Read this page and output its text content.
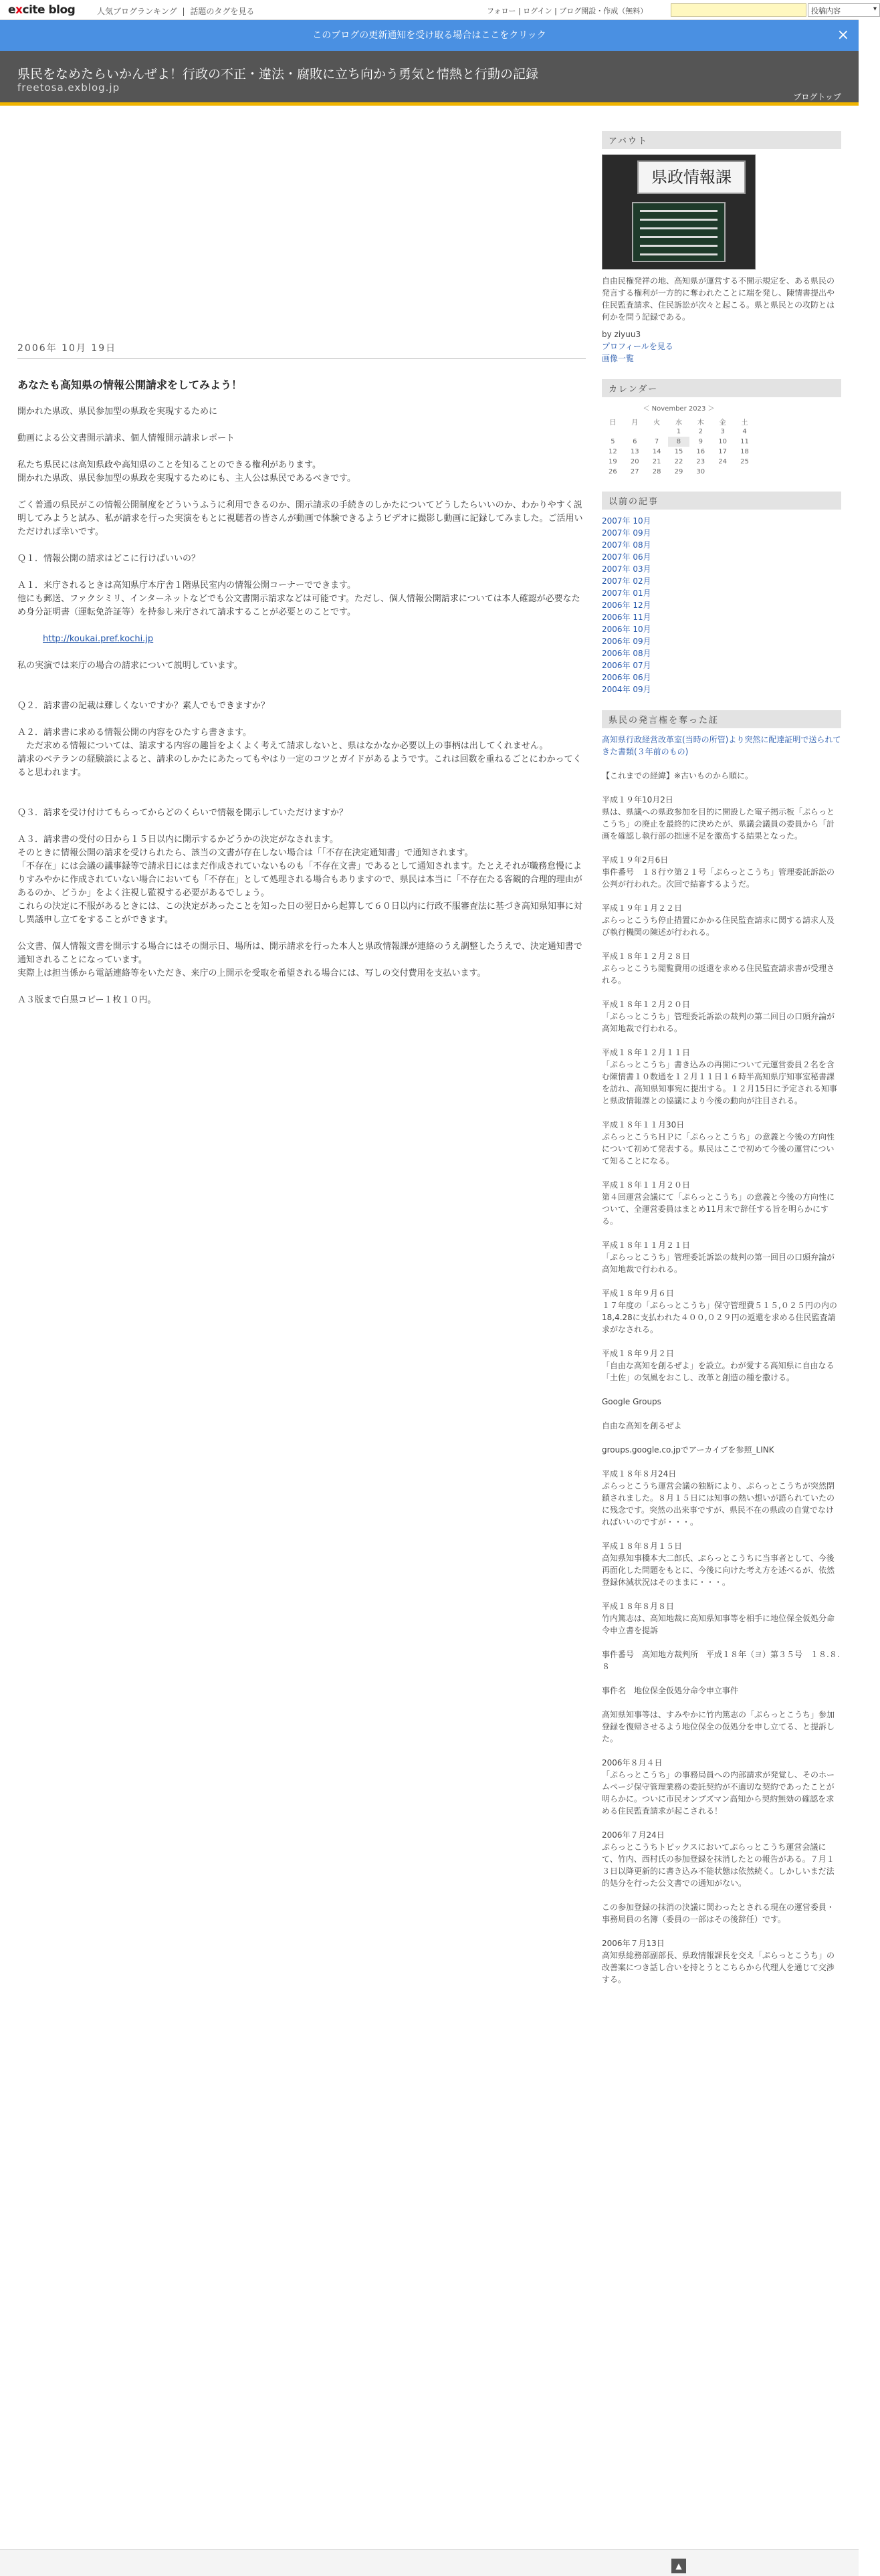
excite blog	人気ブログランキング | 話題のタグを見る	フォロー | ログイン | ブログ開設・作成（無料）	投稿内容	▾
このブログの更新通知を受け取る場合はここをクリック	×
県民をなめたらいかんぜよ！行政の不正・違法・腐敗に立ち向かう勇気と情熱と行動の記録
freetosa.exblog.jp
ブログトップ
2006年 10月 19日
あなたも高知県の情報公開請求をしてみよう！

開かれた県政、県民参加型の県政を実現するために

動画による公文書開示請求、個人情報開示請求レポート

私たち県民には高知県政や高知県のことを知ることのできる権利があります。

開かれた県政、県民参加型の県政を実現するためにも、主人公は県民であるべきです。

ごく普通の県民がこの情報公開制度をどういうふうに利用できるのか、開示請求の手続きのしかたについてどうしたらいいのか、わかりやすく説明してみようと試み、私が請求を行った実演をもとに視聴者の皆さんが動画で体験できるようビデオに撮影し動画に記録してみました。ご活用いただければ幸いです。

Ｑ１．情報公開の請求はどこに行けばいいの？

Ａ１．来庁されるときは高知県庁本庁舎１階県民室内の情報公開コーナーでできます。

他にも郵送、ファクシミリ、インターネットなどでも公文書開示請求などは可能です。ただし、個人情報公開請求については本人確認が必要なため身分証明書（運転免許証等）を持参し来庁されて請求することが必要とのことです。

http://koukai.pref.kochi.jp

私の実演では来庁の場合の請求について説明しています。

Ｑ２．請求書の記載は難しくないですか？素人でもできますか？

Ａ２．請求書に求める情報公開の内容をひたすら書きます。

　ただ求める情報については、請求する内容の趣旨をよくよく考えて請求しないと、県はなかなか必要以上の事柄は出してくれません。

請求のベテランの経験談によると、請求のしかたにあたってもやはり一定のコツとガイドがあるようです。これは回数を重ねるごとにわかってくると思われます。

Ｑ３．請求を受け付けてもらってからどのくらいで情報を開示していただけますか？

Ａ３．請求書の受付の日から１５日以内に開示するかどうかの決定がなされます。

そのときに情報公開の請求を受けられたら、該当の文書が存在しない場合は「「不存在決定通知書」で通知されます。

「不存在」には会議の議事録等で請求日にはまだ作成されていないものも「不存在文書」であるとして通知されます。たとえそれが職務怠慢によりすみやかに作成されていない場合においても「不存在」として処理される場合もありますので、県民は本当に「不存在たる客観的合理的理由があるのか、どうか」をよく注視し監視する必要があるでしょう。

これらの決定に不服があるときには、この決定があったことを知った日の翌日から起算して６０日以内に行政不服審査法に基づき高知県知事に対し異議申し立てをすることができます。

公文書、個人情報文書を開示する場合にはその開示日、場所は、開示請求を行った本人と県政情報課が連絡のうえ調整したうえで、決定通知書で通知されることになっています。

実際上は担当係から電話連絡等をいただき、来庁の上開示を受取を希望される場合には、写しの交付費用を支払います。

Ａ３版まで白黒コピー１枚１０円。

アバウト
県政情報課
自由民権発祥の地、高知県が運営する不開示規定を、ある県民の発言する権利が一方的に奪われたことに端を発し、陳情書提出や住民監査請求、住民訴訟が次々と起こる。県と県民との攻防とは何かを問う記録である。
by ziyuu3
プロフィールを見る
画像一覧
カレンダー
＜ November 2023 ＞
日	月	火	水	木	金	土
			1	2	3	4
5	6	7	8	9	10	11
12	13	14	15	16	17	18
19	20	21	22	23	24	25
26	27	28	29	30		
以前の記事
2007年 10月
2007年 09月
2007年 08月
2007年 06月
2007年 03月
2007年 02月
2007年 01月
2006年 12月
2006年 11月
2006年 10月
2006年 09月
2006年 08月
2006年 07月
2006年 06月
2004年 09月
県民の発言権を奪った証
高知県行政経営改革室(当時の所管)より突然に配達証明で送られてきた書類(３年前のもの)
【これまでの経緯】※古いものから順に。
平成１９年10月2日
県は、県議への県政参加を目的に開設した電子掲示板「ぷらっとこうち」の廃止を最終的に決めたが、県議会議員の委員から「計画を確認し執行部の拙速不足を激高する結果となった。
平成１９年2月6日
事件番号　１８行ウ第２１号「ぷらっとこうち」管理委託訴訟の公判が行われた。次回で結審するようだ。
平成１９年１月２２日
ぷらっとこうち停止措置にかかる住民監査請求に関する請求人及び執行機関の陳述が行われる。
平成１８年１２月２８日
ぷらっとこうち閲覧費用の返還を求める住民監査請求書が受理される。
平成１８年１２月２０日
「ぷらっとこうち」管理委託訴訟の裁判の第二回目の口頭弁論が高知地裁で行われる。
平成１８年１２月１１日
「ぷらっとこうち」書き込みの再開について元運営委員２名を含む陳情書１０数通を１２月１１日１６時半高知県庁知事室秘書課を訪れ、高知県知事宛に提出する。１２月15日に予定される知事と県政情報課との協議により今後の動向が注目される。
平成１８年１１月30日
ぷらっとこうちＨＰに「ぷらっとこうち」の意義と今後の方向性について初めて発表する。県民はここで初めて今後の運営について知ることになる。
平成１８年１１月２０日
第４回運営会議にて「ぷらっとこうち」の意義と今後の方向性について、全運営委員はまとめ11月末で辞任する旨を明らかにする。
平成１８年１１月２１日
「ぷらっとこうち」管理委託訴訟の裁判の第一回目の口頭弁論が高知地裁で行われる。
平成１８年９月６日
１７年度の「ぷらっとこうち」保守管理費５１５,０２５円の内の18,4.28に支払われた４００,０２９円の返還を求める住民監査請求がなされる。
平成１８年９月２日
「自由な高知を創るぜよ」を設立。わが愛する高知県に自由なる「土佐」の気風をおこし、改革と創造の種を撒ける。
Google Groups
自由な高知を創るぜよ
groups.google.co.jpでアーカイブを参照_LINK
平成１８年８月24日
ぷらっとこうち運営会議の独断により、ぷらっとこうちが突然閉鎖されました。８月１５日には知事の熱い想いが語られていたのに残念です。突然の出来事ですが、県民不在の県政の自覚でなければいいのですが・・・。
平成１８年８月１５日
高知県知事橋本大二郎氏、ぷらっとこうちに当事者として、今後再面化した問題をもとに、今後に向けた考え方を述べるが、依然登録休減状況はそのままに・・・。
平成１８年８月８日
竹内篤志は、高知地裁に高知県知事等を相手に地位保全仮処分命令申立書を提訴
事件番号　高知地方裁判所　平成１８年（ヨ）第３５号　１８.８.８
事件名　地位保全仮処分命令申立事件
高知県知事等は、すみやかに竹内篤志の「ぷらっとこうち」参加登録を復帰させるよう地位保全の仮処分を申し立てる、と提訴した。
2006年８月４日
「ぷらっとこうち」の事務局員への内部請求が発覚し、そのホームページ保守管理業務の委託契約が不適切な契約であったことが明らかに。ついに市民オンブズマン高知から契約無効の確認を求める住民監査請求が起こされる！
2006年７月24日
ぷらっとこうちトピックスにおいてぷらっとこうち運営会議にて、竹内、西村氏の参加登録を抹消したとの報告がある。７月１３日以降更新的に書き込み不能状態は依然続く。しかしいまだ法的処分を行った公文書での通知がない。
この参加登録の抹消の決議に関わったとされる現在の運営委員・事務局員の名簿（委員の一部はその後辞任）です。
2006年７月13日
高知県総務部副部長、県政情報課長を交え「ぷらっとこうち」の改善案につき話し合いを持とうとこちらから代理人を通じて交渉する。
▲
